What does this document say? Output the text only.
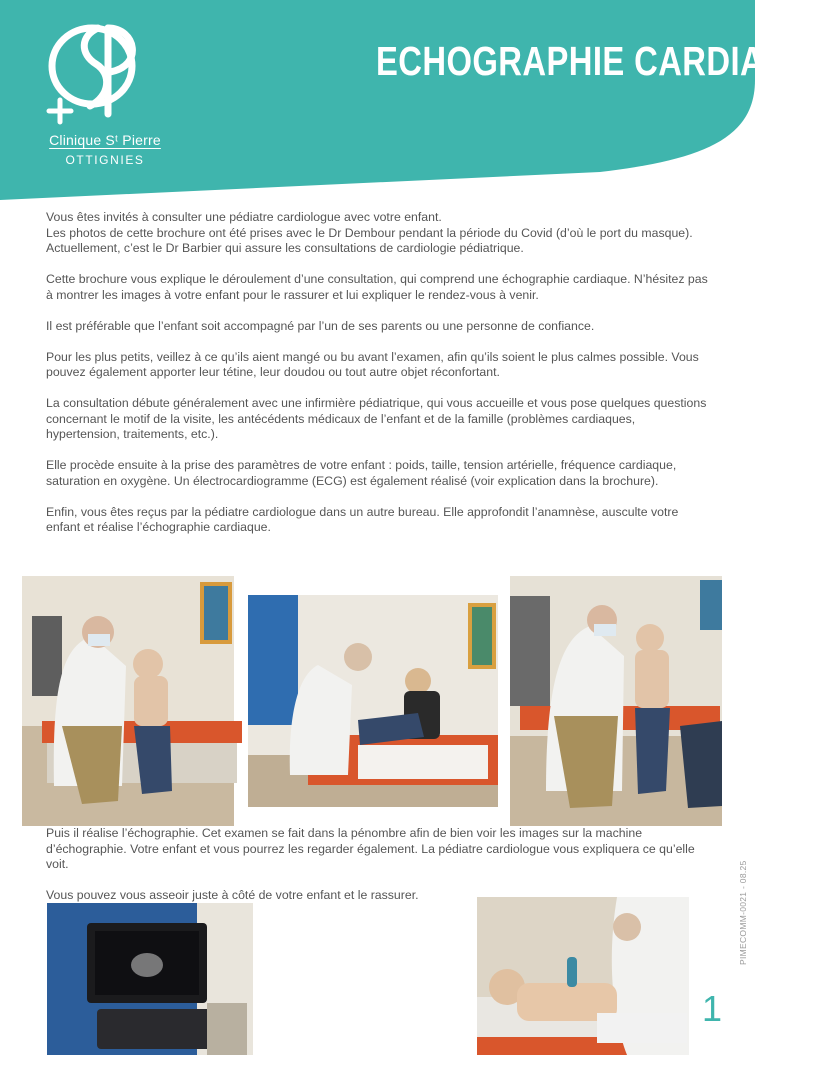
Clinique Sᵗ Pierre
OTTIGNIES
ECHOGRAPHIE CARDIAQUE

Vous êtes invités à consulter une pédiatre cardiologue avec votre enfant.
Les photos de cette brochure ont été prises avec le Dr Dembour pendant la période du Covid (d’où le port du masque).
Actuellement, c’est le Dr Barbier qui assure les consultations de cardiologie pédiatrique.

Cette brochure vous explique le déroulement d’une consultation, qui comprend une échographie cardiaque. N’hésitez pas à montrer les images à votre enfant pour le rassurer et lui expliquer le rendez-vous à venir.

Il est préférable que l’enfant soit accompagné par l’un de ses parents ou une personne de confiance.

Pour les plus petits, veillez à ce qu’ils aient mangé ou bu avant l’examen, afin qu’ils soient le plus calmes possible. Vous pouvez également apporter leur tétine, leur doudou ou tout autre objet réconfortant.

La consultation débute généralement avec une infirmière pédiatrique, qui vous accueille et vous pose quelques questions concernant le motif de la visite, les antécédents médicaux de l’enfant et de la famille (problèmes cardiaques, hypertension, traitements, etc.).

Elle procède ensuite à la prise des paramètres de votre enfant : poids, taille, tension artérielle, fréquence cardiaque, saturation en oxygène. Un électrocardiogramme (ECG) est également réalisé (voir explication dans la brochure).

Enfin, vous êtes reçus par la pédiatre cardiologue dans un autre bureau. Elle approfondit l’anamnèse, ausculte votre enfant et réalise l’échographie cardiaque.

Puis il réalise l’échographie. Cet examen se fait dans la pénombre afin de bien voir les images sur la machine d’échographie. Votre enfant et vous pourrez les regarder également. La pédiatre cardiologue vous expliquera ce qu’elle voit.

Vous pouvez vous asseoir juste à côté de votre enfant et le rassurer.	PIMECOMM-0021 - 08.25
1
